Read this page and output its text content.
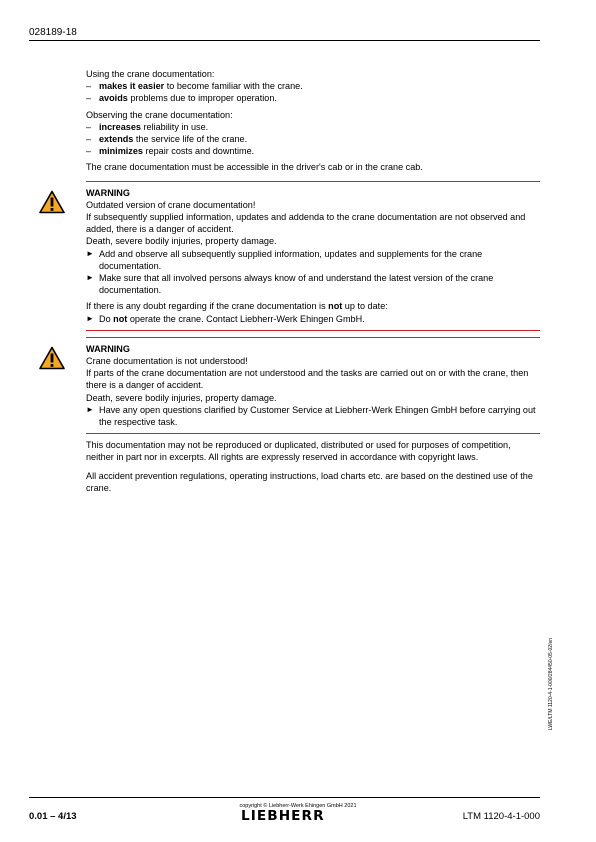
028189-18

Using the crane documentation:

– makes it easier to become familiar with the crane.
– avoids problems due to improper operation.

Observing the crane documentation:

– increases reliability in use.
– extends the service life of the crane.
– minimizes repair costs and downtime.

The crane documentation must be accessible in the driver's cab or in the crane cab.

WARNING

Outdated version of crane documentation!

If subsequently supplied information, updates and addenda to the crane documentation are not observed and added, there is a danger of accident.

Death, severe bodily injuries, property damage.

► Add and observe all subsequently supplied information, updates and supplements for the crane documentation.
► Make sure that all involved persons always know of and understand the latest version of the crane documentation.

If there is any doubt regarding if the crane documentation is not up to date:

► Do not operate the crane. Contact Liebherr-Werk Ehingen GmbH.

WARNING

Crane documentation is not understood!

If parts of the crane documentation are not understood and the tasks are carried out on or with the crane, then there is a danger of accident.

Death, severe bodily injuries, property damage.

► Have any open questions clarified by Customer Service at Liebherr-Werk Ehingen GmbH before carrying out the respective task.

This documentation may not be reproduced or duplicated, distributed or used for purposes of competition, neither in part nor in excerpts. All rights are expressly reserved in accordance with copyright laws.

All accident prevention regulations, operating instructions, load charts etc. are based on the destined use of the crane.

LWE/LTM 1120-4-1-000/284450-05-02/en
0.01 – 4/13
copyright © Liebherr-Werk Ehingen GmbH 2021
LIEBHERR	LTM 1120-4-1-000
